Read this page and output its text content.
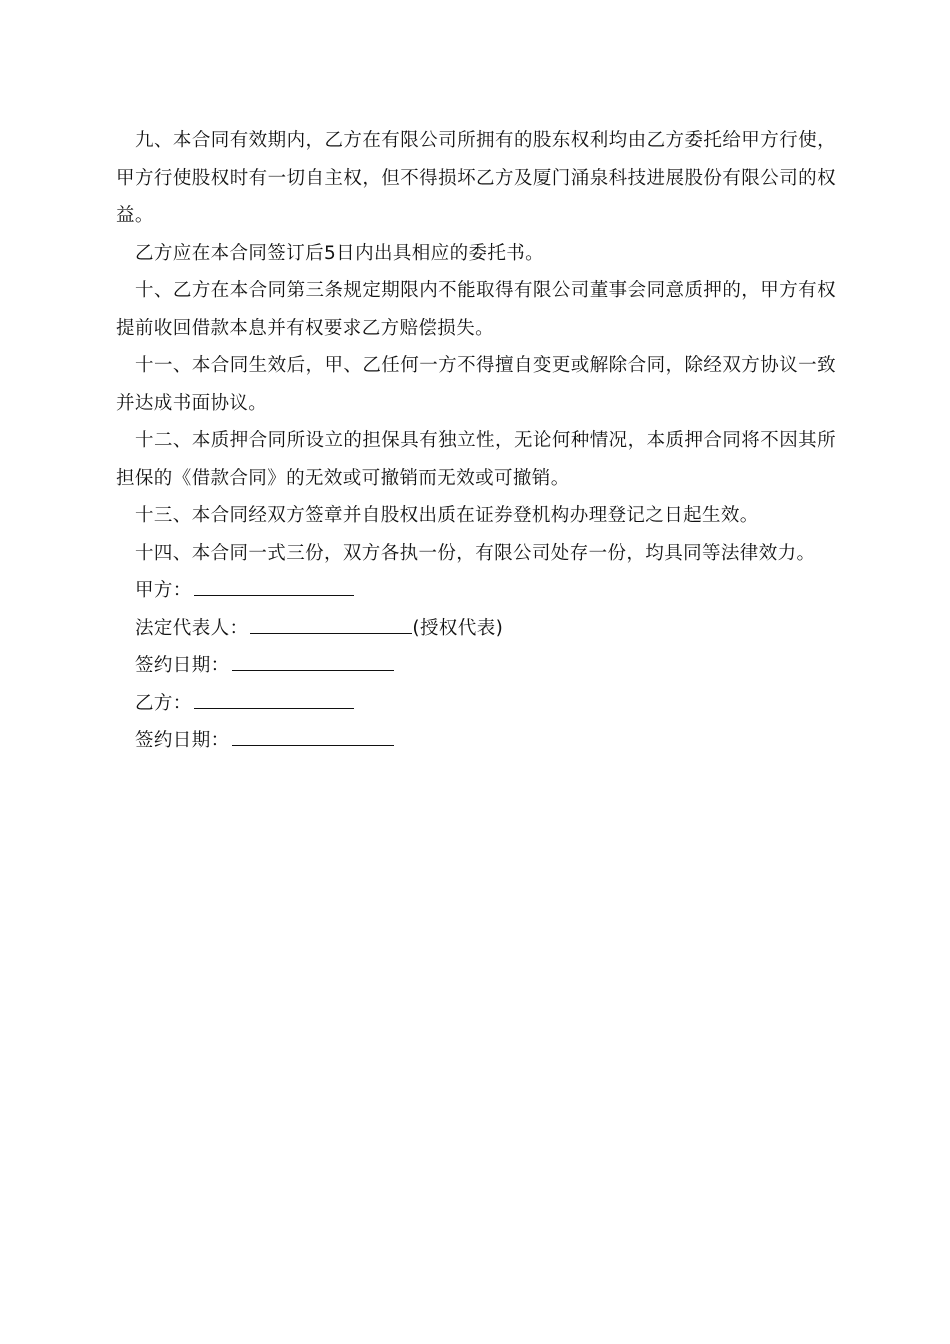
九、本合同有效期内，乙方在有限公司所拥有的股东权利均由乙方委托给甲方行使，甲方行使股权时有一切自主权，但不得损坏乙方及厦门涌泉科技进展股份有限公司的权益。

乙方应在本合同签订后5日内出具相应的委托书。

十、乙方在本合同第三条规定期限内不能取得有限公司董事会同意质押的，甲方有权提前收回借款本息并有权要求乙方赔偿损失。

十一、本合同生效后，甲、乙任何一方不得擅自变更或解除合同，除经双方协议一致并达成书面协议。

十二、本质押合同所设立的担保具有独立性，无论何种情况，本质押合同将不因其所担保的《借款合同》的无效或可撤销而无效或可撤销。

十三、本合同经双方签章并自股权出质在证券登机构办理登记之日起生效。

十四、本合同一式三份，双方各执一份，有限公司处存一份，均具同等法律效力。

甲方：

法定代表人：	(授权代表)

签约日期：

乙方：

签约日期：
